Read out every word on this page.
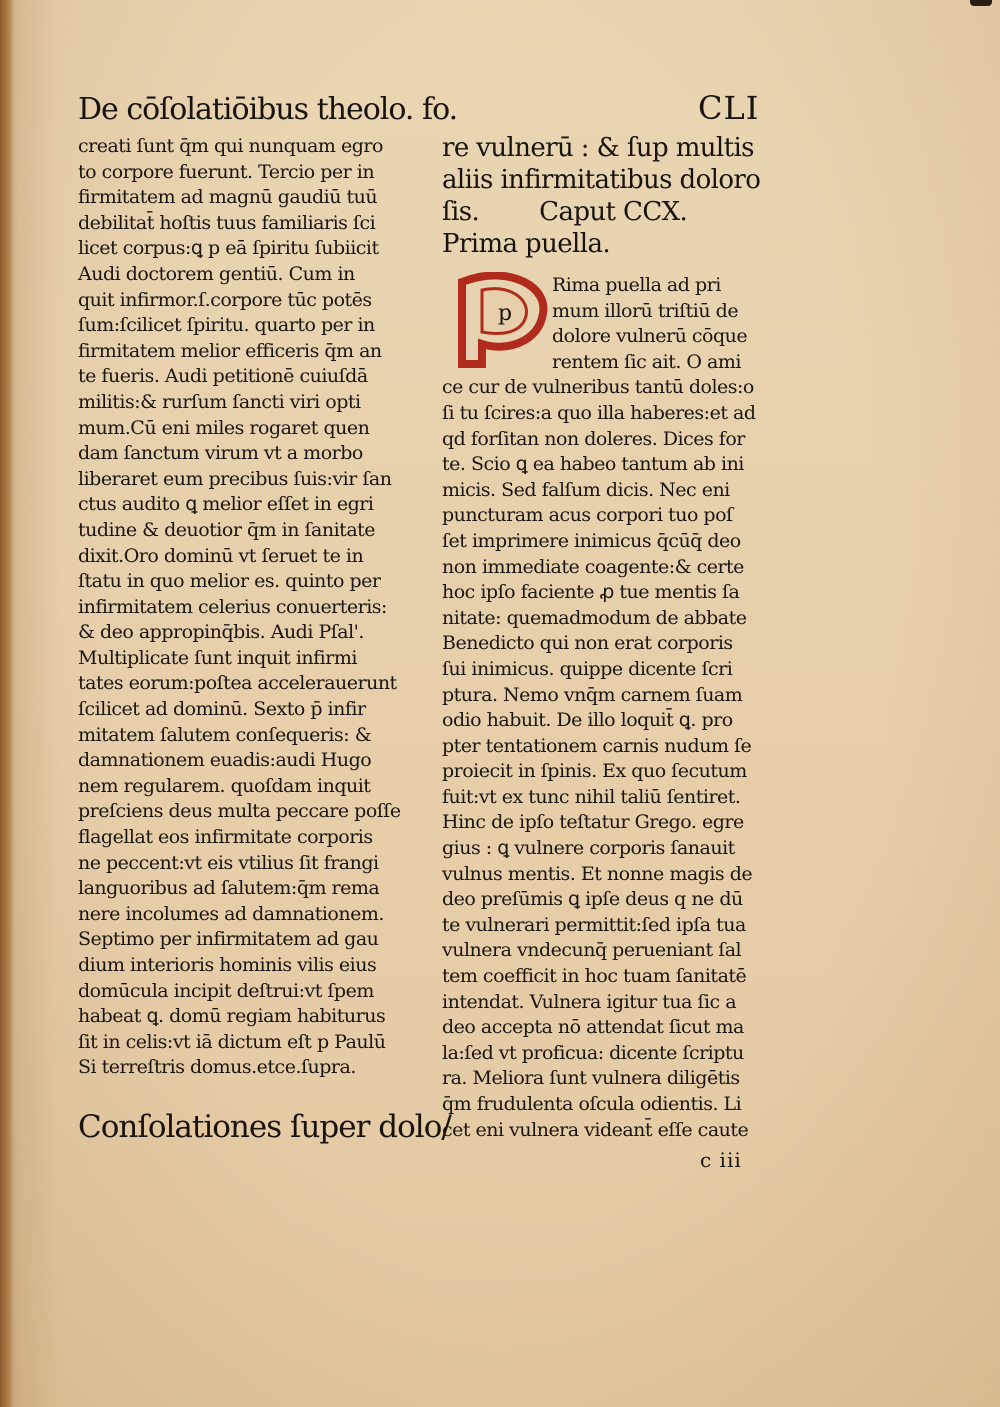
De cōſolatiōibus theolo. fo.	CLI
creati ſunt q̄m qui nunquam egro
to corpore fuerunt. Tercio per in
firmitatem ad magnū gaudiū tuū
debilitat̄ hoſtis tuus familiaris ſci
licet corpus:ꝗ p eā ſpiritu ſubiicit
Audi doctorem gentiū. Cum in
quit infirmor.ſ.corpore tūc potēs
ſum:ſcilicet ſpiritu. quarto per in
firmitatem melior efficeris q̄m an
te fueris. Audi petitionē cuiuſdā
militis:& rurſum ſancti viri opti
mum.Cū eni miles rogaret quen
dam ſanctum virum vt a morbo
liberaret eum precibus ſuis:vir ſan
ctus audito ꝗ melior eſſet in egri
tudine & deuotior q̄m in ſanitate
dixit.Oro dominū vt ſeruet te in
ſtatu in quo melior es. quinto per
infirmitatem celerius conuerteris:
& deo appropinq̄bis. Audi Pſal'.
Multiplicate ſunt inquit infirmi
tates eorum:poſtea accelerauerunt
ſcilicet ad dominū. Sexto p̄ infir
mitatem ſalutem conſequeris: &
damnationem euadis:audi Hugo
nem regularem. quoſdam inquit
preſciens deus multa peccare poſſe
flagellat eos infirmitate corporis
ne peccent:vt eis vtilius ſit frangi
languoribus ad ſalutem:q̄m rema
nere incolumes ad damnationem.
Septimo per infirmitatem ad gau
dium interioris hominis vilis eius
domūcula incipit deſtrui:vt ſpem
habeat ꝗ. domū regiam habiturus
ſit in celis:vt iā dictum eſt p Paulū
Si terreſtris domus.etce.ſupra.
Conſolationes ſuper dolo/
re vulnerū : & ſup multis
aliis infirmitatibus doloro
ſis. Caput CCX.
Prima puella.
p
Rima puella ad pri
mum illorū triſtiū de
dolore vulnerū cōque
rentem ſic ait. O ami
ce cur de vulneribus tantū doles:o
ſi tu ſcires:a quo illa haberes:et ad
qd forſitan non doleres. Dices for
te. Scio ꝗ ea habeo tantum ab ini
micis. Sed falſum dicis. Nec eni
puncturam acus corpori tuo poſ
ſet imprimere inimicus q̄cūq̄ deo
non immediate coagente:& certe
hoc ipſo faciente ꝓ tue mentis ſa
nitate: quemadmodum de abbate
Benedicto qui non erat corporis
ſui inimicus. quippe dicente ſcri
ptura. Nemo vnq̄m carnem ſuam
odio habuit. De illo loquit̄ ꝗ. pro
pter tentationem carnis nudum ſe
proiecit in ſpinis. Ex quo ſecutum
fuit:vt ex tunc nihil taliū ſentiret.
Hinc de ipſo teſtatur Grego. egre
gius : ꝗ vulnere corporis ſanauit
vulnus mentis. Et nonne magis de
deo preſūmis ꝗ ipſe deus q ne dū
te vulnerari permittit:ſed ipſa tua
vulnera vndecunq̄ perueniant ſal
tem coefficit in hoc tuam ſanitatē
intendat. Vulnera igitur tua ſic a
deo accepta nō attendat ſicut ma
la:ſed vt proficua: dicente ſcriptu
ra. Meliora ſunt vulnera diligētis
q̄m frudulenta oſcula odientis. Li
cet eni vulnera videant̄ eſſe caute
c iii
